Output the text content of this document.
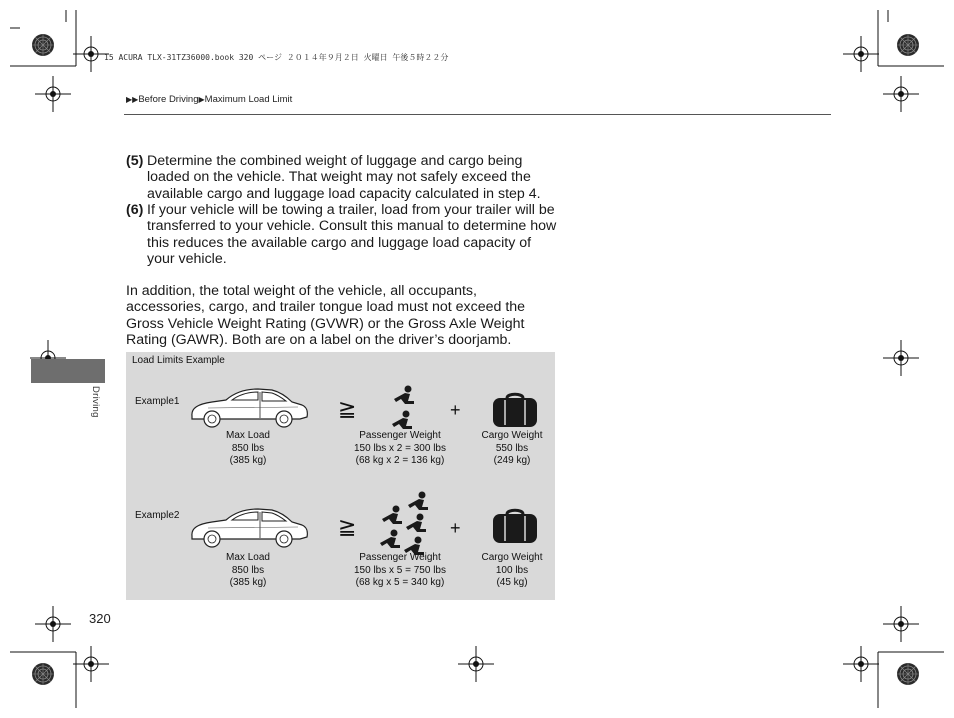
15 ACURA TLX-31TZ36000.book 320 ページ ２０１４年９月２日 火曜日 午後５時２２分
▶▶Before Driving▶Maximum Load Limit
(5) Determine the combined weight of luggage and cargo being loaded on the vehicle. That weight may not safely exceed the available cargo and luggage load capacity calculated in step 4.
(6) If your vehicle will be towing a trailer, load from your trailer will be transferred to your vehicle. Consult this manual to determine how this reduces the available cargo and luggage load capacity of your vehicle.
In addition, the total weight of the vehicle, all occupants, accessories, cargo, and trailer tongue load must not exceed the Gross Vehicle Weight Rating (GVWR) or the Gross Axle Weight Rating (GAWR). Both are on a label on the driver’s doorjamb.
Driving
Load Limits Example
Example1	≧	+
Max Load
850 lbs
(385 kg)
Passenger Weight
150 lbs x 2 = 300 lbs
(68 kg x 2 = 136 kg)
Cargo Weight
550 lbs
(249 kg)
Example2	≧	+
Max Load
850 lbs
(385 kg)
Passenger Weight
150 lbs x 5 = 750 lbs
(68 kg x 5 = 340 kg)
Cargo Weight
100 lbs
(45 kg)
320
